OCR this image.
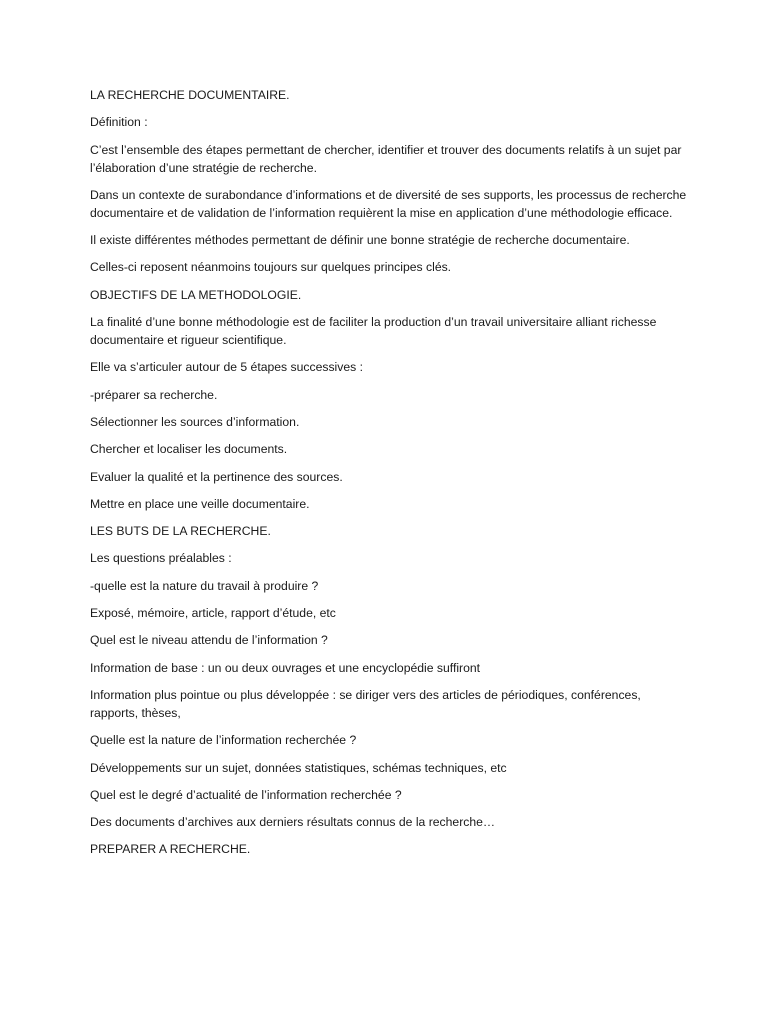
LA RECHERCHE DOCUMENTAIRE.

Définition :

C’est l’ensemble des étapes permettant de chercher, identifier et trouver des documents relatifs à un sujet par l’élaboration d’une stratégie de recherche.

Dans un contexte de surabondance d’informations et de diversité de ses supports, les processus de recherche documentaire et de validation de l’information requièrent la mise en application d’une méthodologie efficace.

Il existe différentes méthodes permettant de définir une bonne stratégie de recherche documentaire.

Celles-ci reposent néanmoins toujours sur quelques principes clés.

OBJECTIFS DE LA METHODOLOGIE.

La finalité d’une bonne méthodologie est de faciliter la production d’un travail universitaire alliant richesse documentaire et rigueur scientifique.

Elle va s’articuler autour de 5 étapes successives :

-préparer sa recherche.

Sélectionner les sources d’information.

Chercher et localiser les documents.

Evaluer la qualité et la pertinence des sources.

Mettre en place une veille documentaire.

LES BUTS DE LA RECHERCHE.

Les questions préalables :

-quelle est la nature du travail à produire ?

Exposé, mémoire, article, rapport d’étude, etc

Quel est le niveau attendu de l’information ?

Information de base : un ou deux ouvrages et une encyclopédie suffiront

Information plus pointue ou plus développée : se diriger vers des articles de périodiques, conférences, rapports, thèses,

Quelle est la nature de l’information recherchée ?

Développements sur un sujet, données statistiques, schémas techniques, etc

Quel est le degré d’actualité de l’information recherchée ?

Des documents d’archives aux derniers résultats connus de la recherche…

PREPARER A RECHERCHE.
